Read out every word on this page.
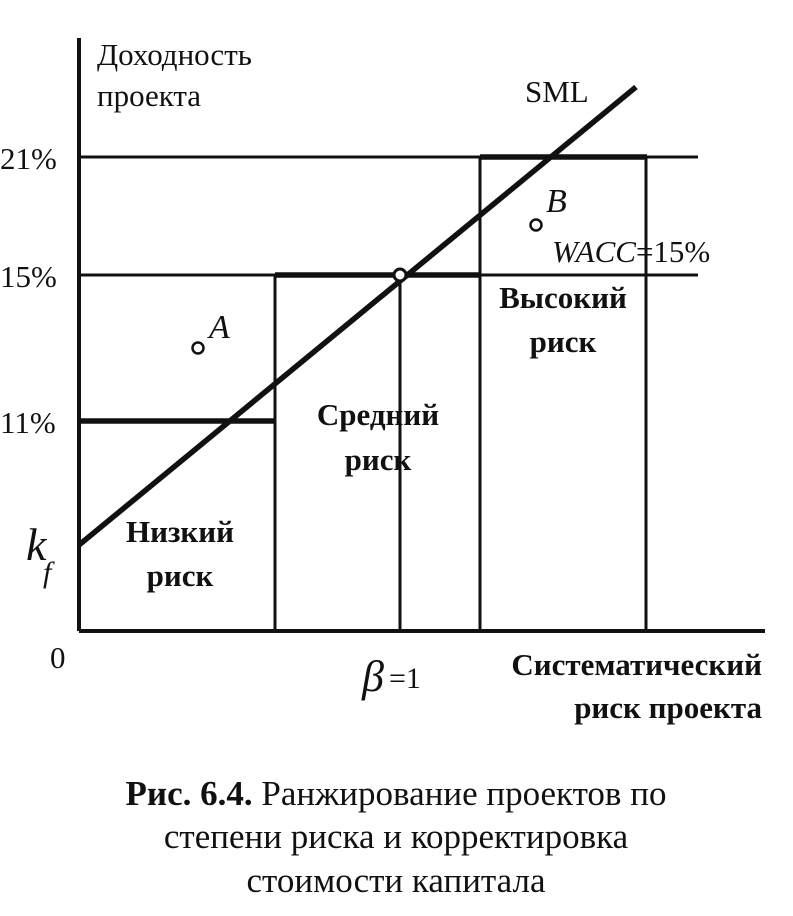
Доходность
проекта	SML
21%
15%
11%
k
f
0
A
B
WACC=15%
Высокий
риск
Средний
риск
Низкий
риск
β =1	Систематический
риск проекта
Рис. 6.4. Ранжирование проектов по
степени риска и корректировка
стоимости капитала
